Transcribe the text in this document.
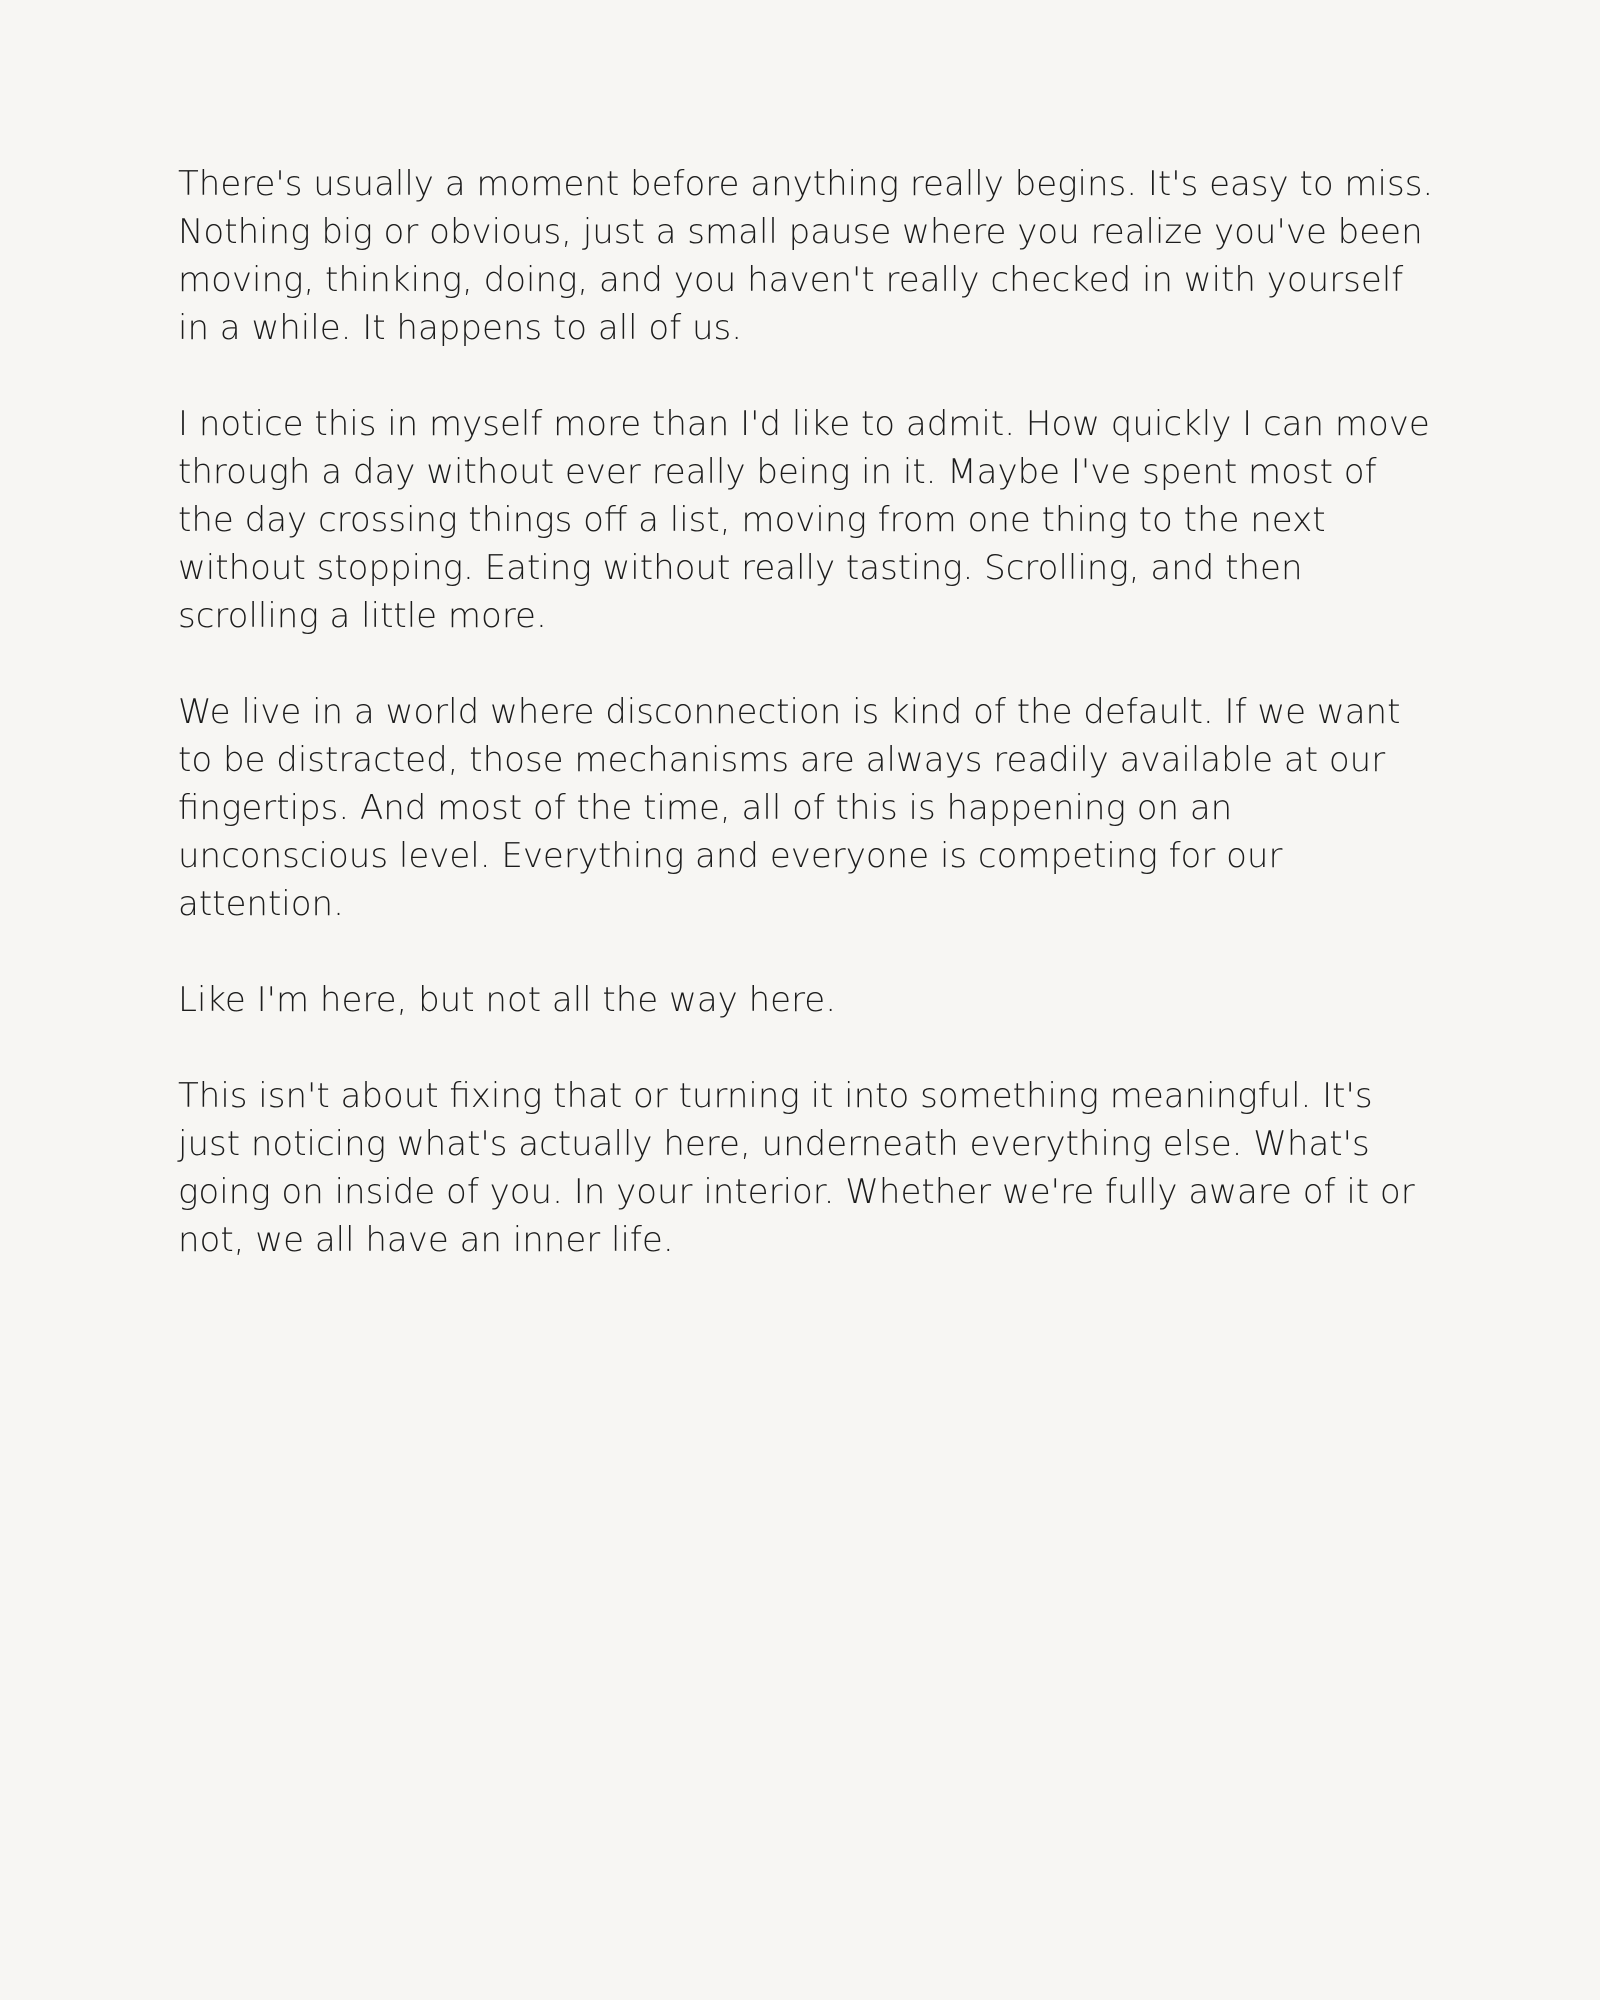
There's usually a moment before anything really begins. It's easy to miss. Nothing big or obvious, just a small pause where you realize you've been moving, thinking, doing, and you haven't really checked in with yourself in a while. It happens to all of us.

I notice this in myself more than I'd like to admit. How quickly I can move through a day without ever really being in it. Maybe I've spent most of the day crossing things off a list, moving from one thing to the next without stopping. Eating without really tasting. Scrolling, and then scrolling a little more.

We live in a world where disconnection is kind of the default. If we want to be distracted, those mechanisms are always readily available at our fingertips. And most of the time, all of this is happening on an unconscious level. Everything and everyone is competing for our attention.

Like I'm here, but not all the way here.

This isn't about fixing that or turning it into something meaningful. It's just noticing what's actually here, underneath everything else. What's going on inside of you. In your interior. Whether we're fully aware of it or not, we all have an inner life.
